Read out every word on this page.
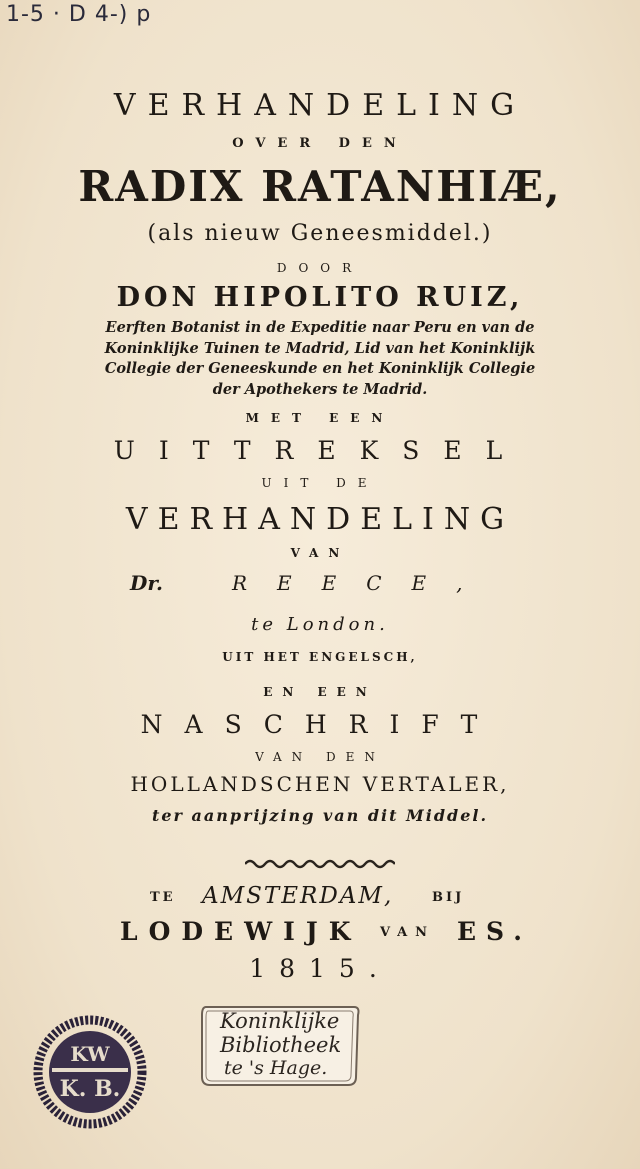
1-5 · D 4-) p
VERHANDELING
OVER DEN
RADIX RATANHIÆ,
(als nieuw Geneesmiddel.)
DOOR
DON HIPOLITO RUIZ,
Eerften Botanist in de Expeditie naar Peru en van de
Koninklijke Tuinen te Madrid, Lid van het Koninklijk
Collegie der Geneeskunde en het Koninklijk Collegie
der Apothekers te Madrid.
MET EEN
UITTREKSEL
UIT DE
VERHANDELING
VAN
Dr.	REECE,
te London.
UIT HET ENGELSCH,
EN EEN
NASCHRIFT
VAN DEN
HOLLANDSCHEN VERTALER,
ter aanprijzing van dit Middel.
TE AMSTERDAM,	BIJ
LODEWIJK VAN ES.
1815.
Koninklijke
Bibliotheek
te 's Hage.
KW
K. B.
